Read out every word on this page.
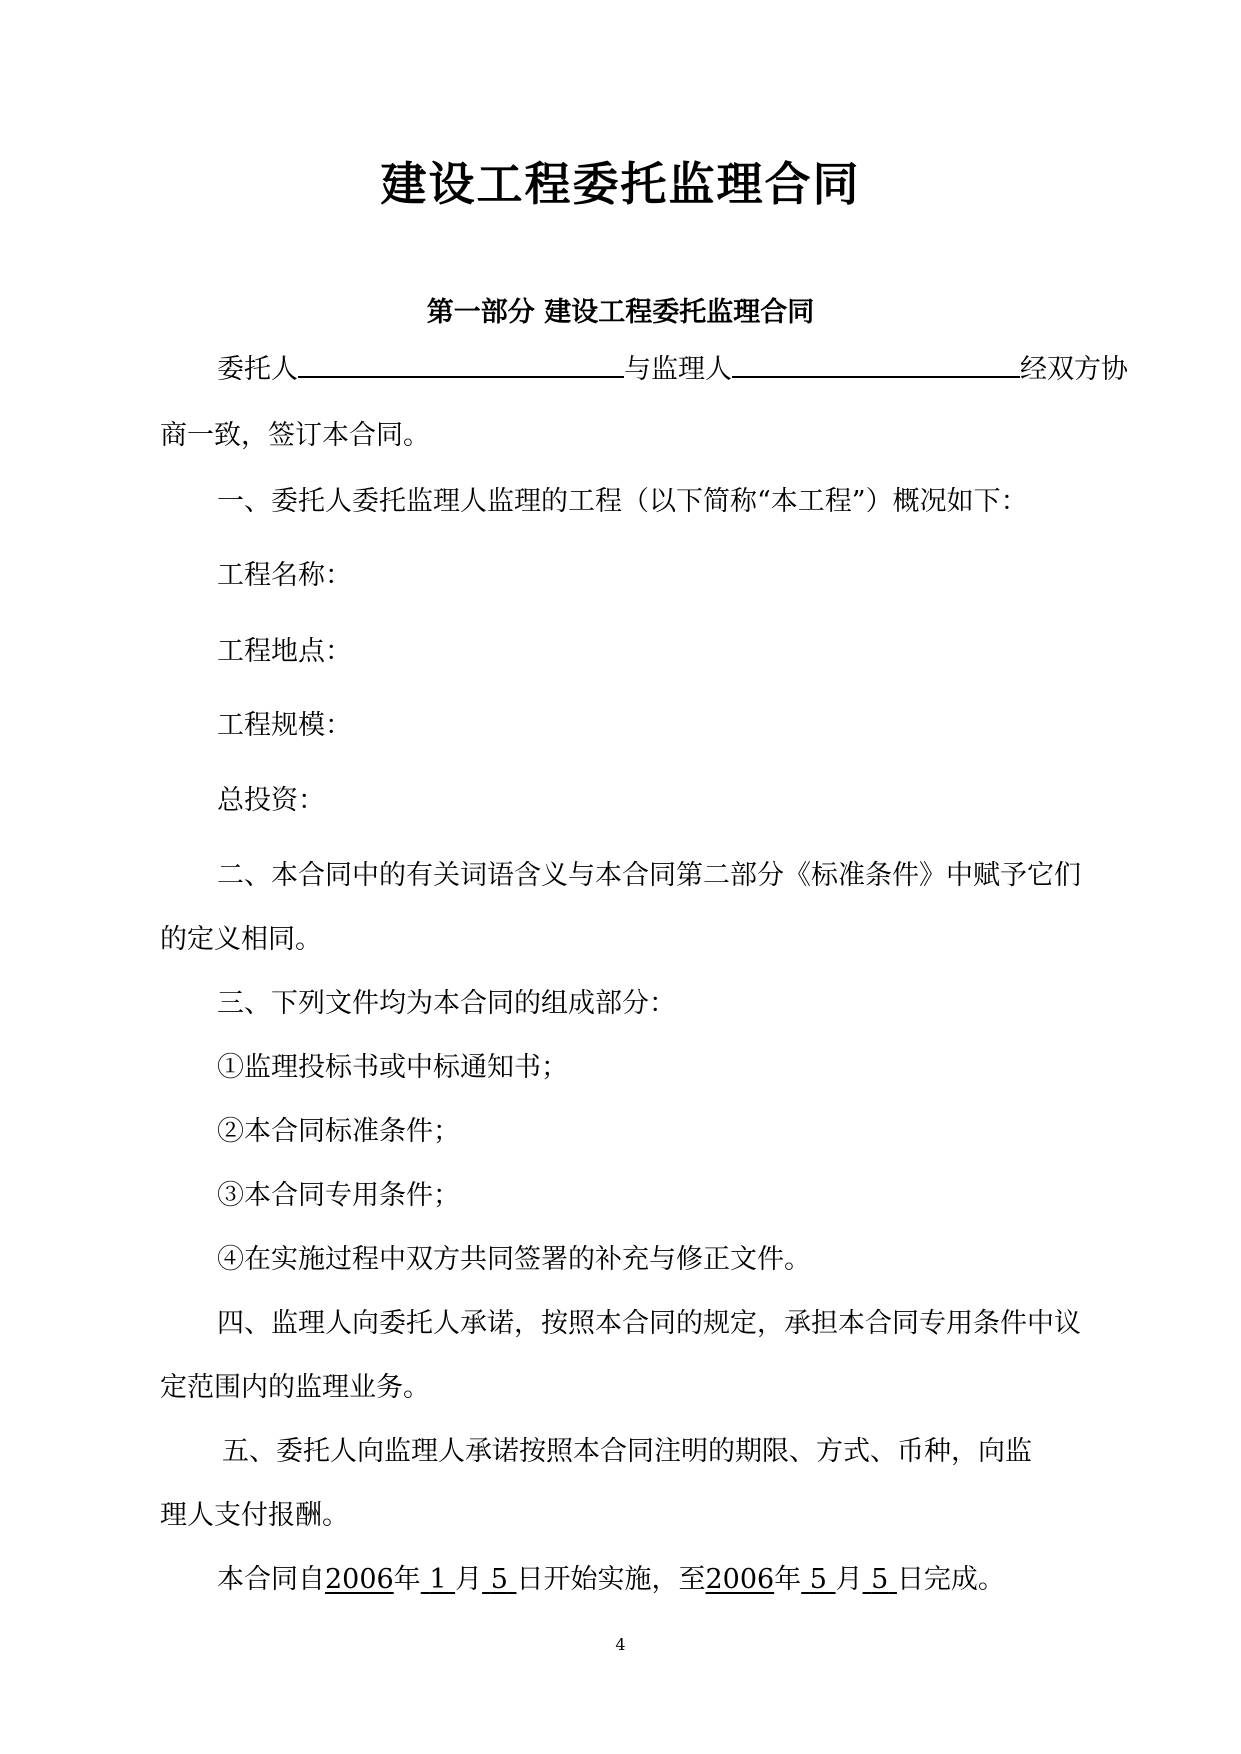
建设工程委托监理合同
第一部分 建设工程委托监理合同
委托人	与监理人	经双方协
商一致，签订本合同。
一、委托人委托监理人监理的工程（以下简称“本工程”）概况如下：
工程名称：
工程地点：
工程规模：
总投资：
二、本合同中的有关词语含义与本合同第二部分《标准条件》中赋予它们
的定义相同。
三、下列文件均为本合同的组成部分：
①监理投标书或中标通知书；
②本合同标准条件；
③本合同专用条件；
④在实施过程中双方共同签署的补充与修正文件。
四、监理人向委托人承诺，按照本合同的规定，承担本合同专用条件中议
定范围内的监理业务。
五、委托人向监理人承诺按照本合同注明的期限、方式、币种，向监
理人支付报酬。
本合同自2006年 1 月 5 日开始实施，至2006年 5 月 5 日完成。
4
